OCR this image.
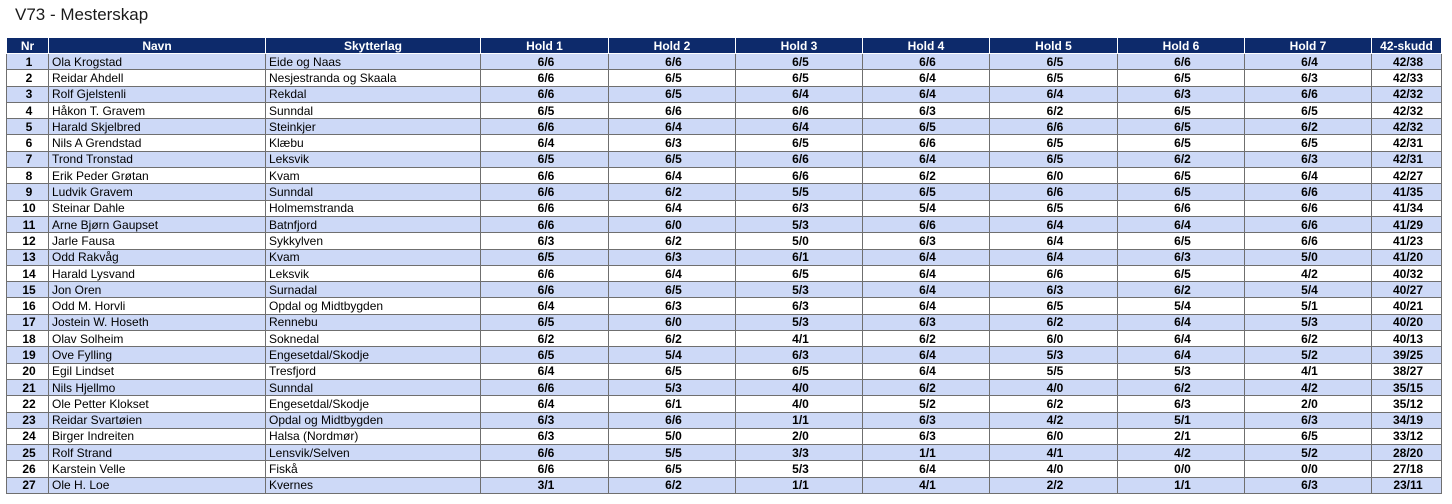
V73 - Mesterskap
Nr	Navn	Skytterlag	Hold 1	Hold 2	Hold 3	Hold 4	Hold 5	Hold 6	Hold 7	42-skudd
1	Ola Krogstad	Eide og Naas	6/6	6/6	6/5	6/6	6/5	6/6	6/4	42/38
2	Reidar Ahdell	Nesjestranda og Skaala	6/6	6/5	6/5	6/4	6/5	6/5	6/3	42/33
3	Rolf Gjelstenli	Rekdal	6/6	6/5	6/4	6/4	6/4	6/3	6/6	42/32
4	Håkon T. Gravem	Sunndal	6/5	6/6	6/6	6/3	6/2	6/5	6/5	42/32
5	Harald Skjelbred	Steinkjer	6/6	6/4	6/4	6/5	6/6	6/5	6/2	42/32
6	Nils A Grendstad	Klæbu	6/4	6/3	6/5	6/6	6/5	6/5	6/5	42/31
7	Trond Tronstad	Leksvik	6/5	6/5	6/6	6/4	6/5	6/2	6/3	42/31
8	Erik Peder Grøtan	Kvam	6/6	6/4	6/6	6/2	6/0	6/5	6/4	42/27
9	Ludvik Gravem	Sunndal	6/6	6/2	5/5	6/5	6/6	6/5	6/6	41/35
10	Steinar Dahle	Holmemstranda	6/6	6/4	6/3	5/4	6/5	6/6	6/6	41/34
11	Arne Bjørn Gaupset	Batnfjord	6/6	6/0	5/3	6/6	6/4	6/4	6/6	41/29
12	Jarle Fausa	Sykkylven	6/3	6/2	5/0	6/3	6/4	6/5	6/6	41/23
13	Odd Rakvåg	Kvam	6/5	6/3	6/1	6/4	6/4	6/3	5/0	41/20
14	Harald Lysvand	Leksvik	6/6	6/4	6/5	6/4	6/6	6/5	4/2	40/32
15	Jon Oren	Surnadal	6/6	6/5	5/3	6/4	6/3	6/2	5/4	40/27
16	Odd M. Horvli	Opdal og Midtbygden	6/4	6/3	6/3	6/4	6/5	5/4	5/1	40/21
17	Jostein W. Hoseth	Rennebu	6/5	6/0	5/3	6/3	6/2	6/4	5/3	40/20
18	Olav Solheim	Soknedal	6/2	6/2	4/1	6/2	6/0	6/4	6/2	40/13
19	Ove Fylling	Engesetdal/Skodje	6/5	5/4	6/3	6/4	5/3	6/4	5/2	39/25
20	Egil Lindset	Tresfjord	6/4	6/5	6/5	6/4	5/5	5/3	4/1	38/27
21	Nils Hjellmo	Sunndal	6/6	5/3	4/0	6/2	4/0	6/2	4/2	35/15
22	Ole Petter Klokset	Engesetdal/Skodje	6/4	6/1	4/0	5/2	6/2	6/3	2/0	35/12
23	Reidar Svartøien	Opdal og Midtbygden	6/3	6/6	1/1	6/3	4/2	5/1	6/3	34/19
24	Birger Indreiten	Halsa (Nordmør)	6/3	5/0	2/0	6/3	6/0	2/1	6/5	33/12
25	Rolf Strand	Lensvik/Selven	6/6	5/5	3/3	1/1	4/1	4/2	5/2	28/20
26	Karstein Velle	Fiskå	6/6	6/5	5/3	6/4	4/0	0/0	0/0	27/18
27	Ole H. Loe	Kvernes	3/1	6/2	1/1	4/1	2/2	1/1	6/3	23/11
